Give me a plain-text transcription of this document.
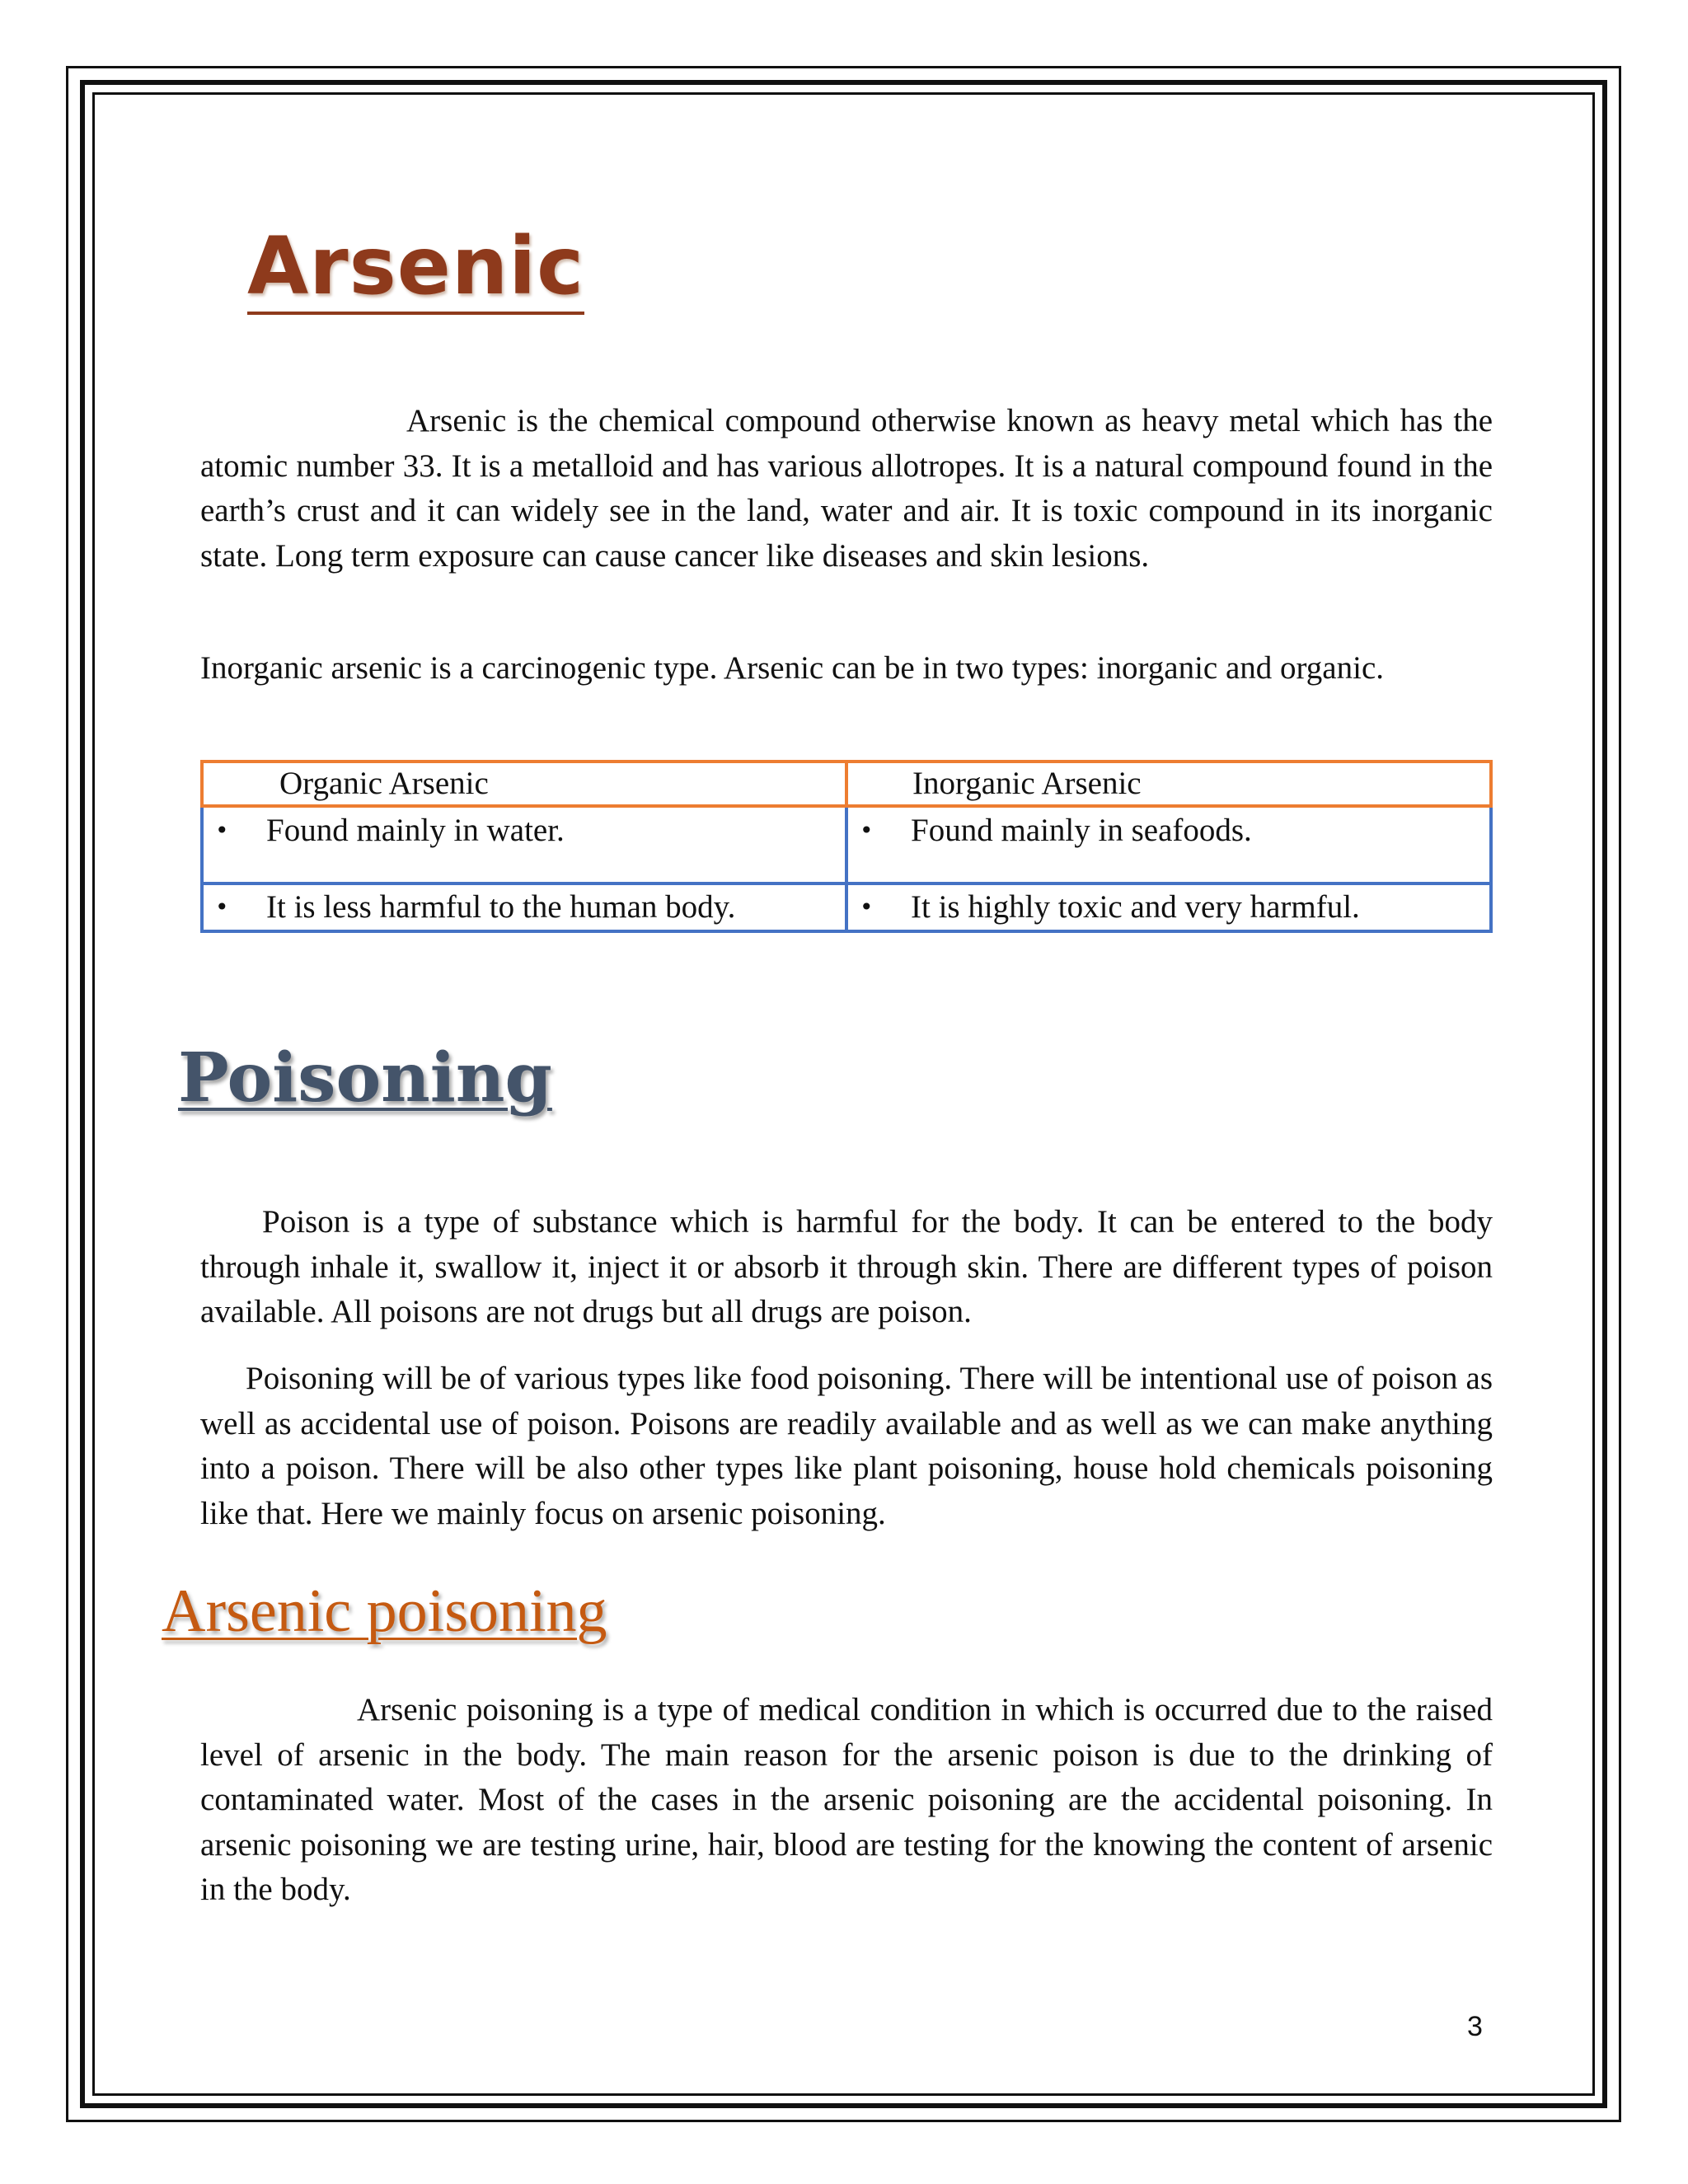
Arsenic

Arsenic is the chemical compound otherwise known as heavy metal which has the atomic number 33. It is a metalloid and has various allotropes. It is a natural compound found in the earth’s crust and it can widely see in the land, water and air. It is toxic compound in its inorganic state. Long term exposure can cause cancer like diseases and skin lesions.

Inorganic arsenic is a carcinogenic type. Arsenic can be in two types: inorganic and organic.

Organic Arsenic	Inorganic Arsenic
• Found mainly in water.	• Found mainly in seafoods.
• It is less harmful to the human body.	• It is highly toxic and very harmful.
Poisoning

Poison is a type of substance which is harmful for the body. It can be entered to the body through inhale it, swallow it, inject it or absorb it through skin. There are different types of poison available. All poisons are not drugs but all drugs are poison.

Poisoning will be of various types like food poisoning. There will be intentional use of poison as well as accidental use of poison. Poisons are readily available and as well as we can make anything into a poison. There will be also other types like plant poisoning, house hold chemicals poisoning like that. Here we mainly focus on arsenic poisoning.

Arsenic poisoning

Arsenic poisoning is a type of medical condition in which is occurred due to the raised level of arsenic in the body. The main reason for the arsenic poison is due to the drinking of contaminated water. Most of the cases in the arsenic poisoning are the accidental poisoning. In arsenic poisoning we are testing urine, hair, blood are testing for the knowing the content of arsenic in the body.

3
